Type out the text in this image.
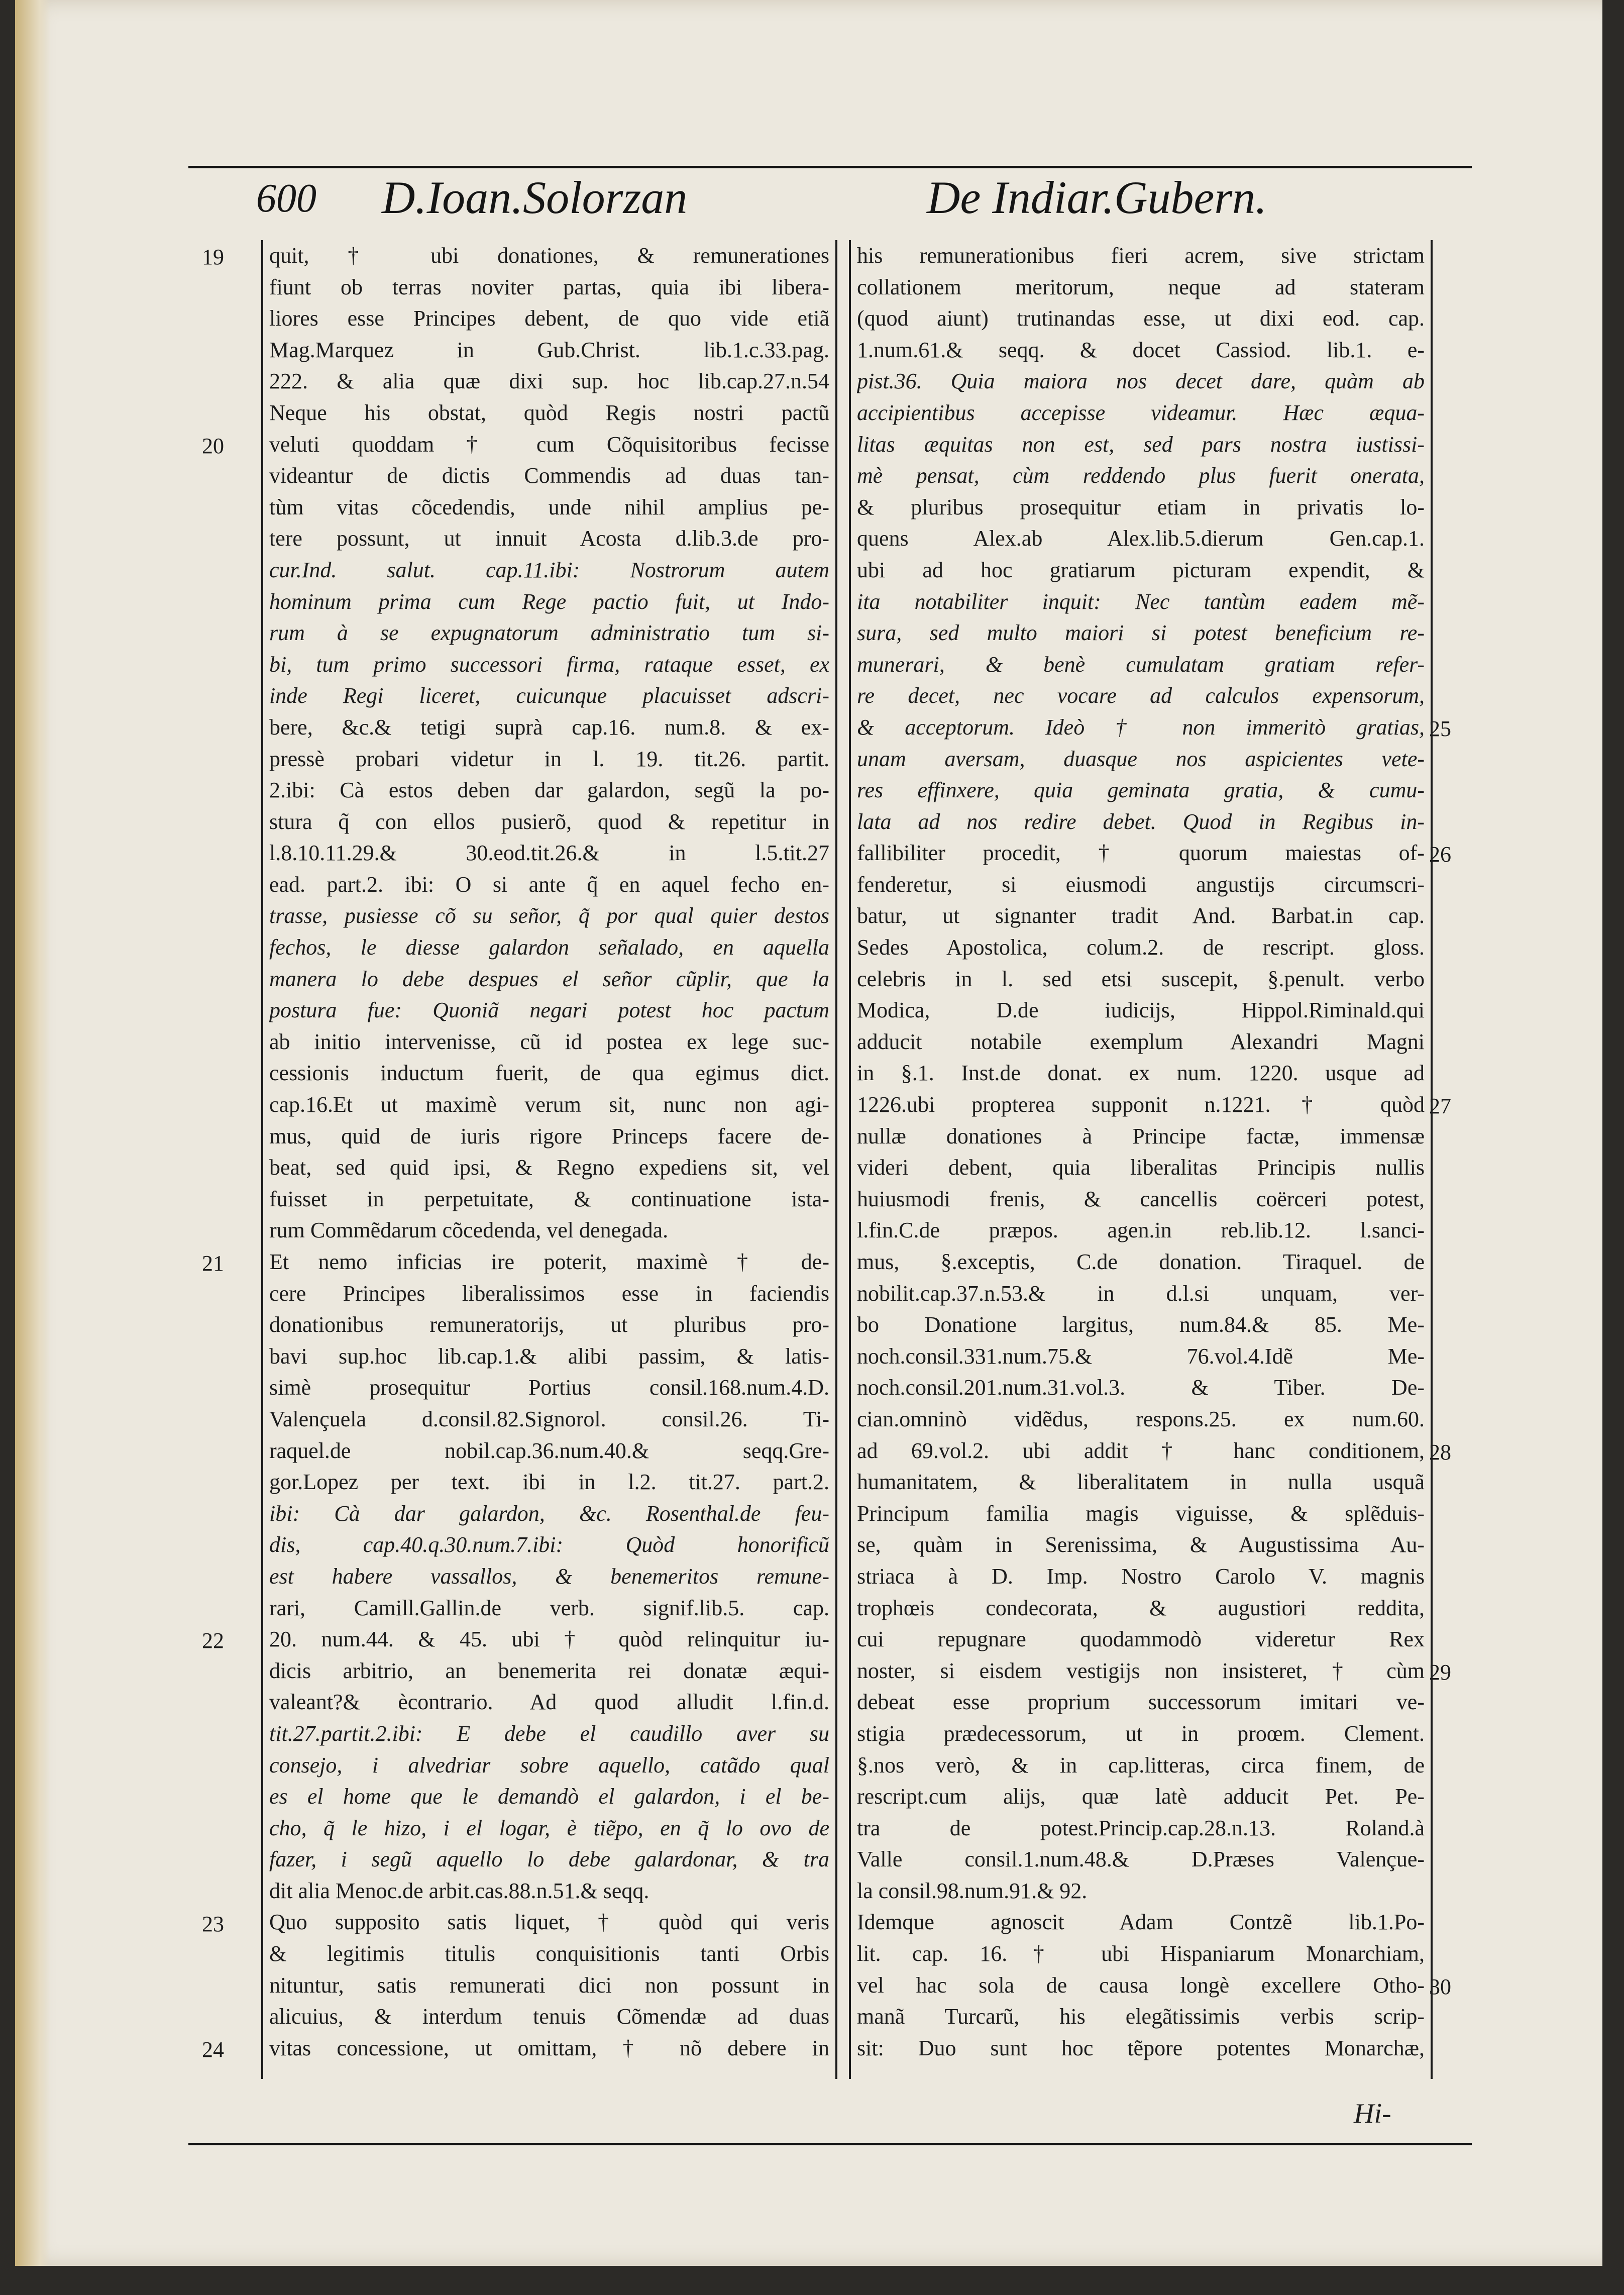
600 D.Ioan.Solorzan	De Indiar.Gubern.
quit, † ubi donationes, & remunerationes
fiunt ob terras noviter partas, quia ibi libera-
liores esse Principes debent, de quo vide etiã
Mag.Marquez in Gub.Christ. lib.1.c.33.pag.
222. & alia quæ dixi sup. hoc lib.cap.27.n.54
Neque his obstat, quòd Regis nostri pactũ
veluti quoddam † cum Cõquisitoribus fecisse
videantur de dictis Commendis ad duas tan-
tùm vitas cõcedendis, unde nihil amplius pe-
tere possunt, ut innuit Acosta d.lib.3.de pro-
cur.Ind. salut. cap.11.ibi: Nostrorum autem
hominum prima cum Rege pactio fuit, ut Indo-
rum à se expugnatorum administratio tum si-
bi, tum primo successori firma, rataque esset, ex
inde Regi liceret, cuicunque placuisset adscri-
bere, &c.& tetigi suprà cap.16. num.8. & ex-
pressè probari videtur in l. 19. tit.26. partit.
2.ibi: Cà estos deben dar galardon, segũ la po-
stura q̃ con ellos pusierõ, quod & repetitur in
l.8.10.11.29.& 30.eod.tit.26.& in l.5.tit.27
ead. part.2. ibi: O si ante q̃ en aquel fecho en-
trasse, pusiesse cõ su señor, q̃ por qual quier destos
fechos, le diesse galardon señalado, en aquella
manera lo debe despues el señor cũplir, que la
postura fue: Quoniã negari potest hoc pactum
ab initio intervenisse, cũ id postea ex lege suc-
cessionis inductum fuerit, de qua egimus dict.
cap.16.Et ut maximè verum sit, nunc non agi-
mus, quid de iuris rigore Princeps facere de-
beat, sed quid ipsi, & Regno expediens sit, vel
fuisset in perpetuitate, & continuatione ista-
rum Commẽdarum cõcedenda, vel denegada.
Et nemo inficias ire poterit, maximè † de-
cere Principes liberalissimos esse in faciendis
donationibus remuneratorijs, ut pluribus pro-
bavi sup.hoc lib.cap.1.& alibi passim, & latis-
simè prosequitur Portius consil.168.num.4.D.
Valençuela d.consil.82.Signorol. consil.26. Ti-
raquel.de nobil.cap.36.num.40.& seqq.Gre-
gor.Lopez per text. ibi in l.2. tit.27. part.2.
ibi: Cà dar galardon, &c. Rosenthal.de feu-
dis, cap.40.q.30.num.7.ibi: Quòd honorificũ
est habere vassallos, & benemeritos remune-
rari, Camill.Gallin.de verb. signif.lib.5. cap.
20. num.44. & 45. ubi † quòd relinquitur iu-
dicis arbitrio, an benemerita rei donatæ æqui-
valeant?& ècontrario. Ad quod alludit l.fin.d.
tit.27.partit.2.ibi: E debe el caudillo aver su
consejo, i alvedriar sobre aquello, catãdo qual
es el home que le demandò el galardon, i el be-
cho, q̃ le hizo, i el logar, è tiẽpo, en q̃ lo ovo de
fazer, i segũ aquello lo debe galardonar, & tra
dit alia Menoc.de arbit.cas.88.n.51.& seqq.
Quo supposito satis liquet, † quòd qui veris
& legitimis titulis conquisitionis tanti Orbis
nituntur, satis remunerati dici non possunt in
alicuius, & interdum tenuis Cõmendæ ad duas
vitas concessione, ut omittam, † nõ debere in
his remunerationibus fieri acrem, sive strictam
collationem meritorum, neque ad stateram
(quod aiunt) trutinandas esse, ut dixi eod. cap.
1.num.61.& seqq. & docet Cassiod. lib.1. e-
pist.36. Quia maiora nos decet dare, quàm ab
accipientibus accepisse videamur. Hæc æqua-
litas æquitas non est, sed pars nostra iustissi-
mè pensat, cùm reddendo plus fuerit onerata,
& pluribus prosequitur etiam in privatis lo-
quens Alex.ab Alex.lib.5.dierum Gen.cap.1.
ubi ad hoc gratiarum picturam expendit, &
ita notabiliter inquit: Nec tantùm eadem mẽ-
sura, sed multo maiori si potest beneficium re-
munerari, & benè cumulatam gratiam refer-
re decet, nec vocare ad calculos expensorum,
& acceptorum. Ideò † non immeritò gratias,
unam aversam, duasque nos aspicientes vete-
res effinxere, quia geminata gratia, & cumu-
lata ad nos redire debet. Quod in Regibus in-
fallibiliter procedit, † quorum maiestas of-
fenderetur, si eiusmodi angustijs circumscri-
batur, ut signanter tradit And. Barbat.in cap.
Sedes Apostolica, colum.2. de rescript. gloss.
celebris in l. sed etsi suscepit, §.penult. verbo
Modica, D.de iudicijs, Hippol.Riminald.qui
adducit notabile exemplum Alexandri Magni
in §.1. Inst.de donat. ex num. 1220. usque ad
1226.ubi propterea supponit n.1221.† quòd
nullæ donationes à Principe factæ, immensæ
videri debent, quia liberalitas Principis nullis
huiusmodi frenis, & cancellis coërceri potest,
l.fin.C.de præpos. agen.in reb.lib.12. l.sanci-
mus, §.exceptis, C.de donation. Tiraquel. de
nobilit.cap.37.n.53.& in d.l.si unquam, ver-
bo Donatione largitus, num.84.& 85. Me-
noch.consil.331.num.75.& 76.vol.4.Idẽ Me-
noch.consil.201.num.31.vol.3. & Tiber. De-
cian.omninò vidẽdus, respons.25. ex num.60.
ad 69.vol.2. ubi addit † hanc conditionem,
humanitatem, & liberalitatem in nulla usquã
Principum familia magis viguisse, & splẽduis-
se, quàm in Serenissima, & Augustissima Au-
striaca à D. Imp. Nostro Carolo V. magnis
trophœis condecorata, & augustiori reddita,
cui repugnare quodammodò videretur Rex
noster, si eisdem vestigijs non insisteret, † cùm
debeat esse proprium successorum imitari ve-
stigia prædecessorum, ut in proœm. Clement.
§.nos verò, & in cap.litteras, circa finem, de
rescript.cum alijs, quæ latè adducit Pet. Pe-
tra de potest.Princip.cap.28.n.13. Roland.à
Valle consil.1.num.48.& D.Præses Valençue-
la consil.98.num.91.& 92.
Idemque agnoscit Adam Contzẽ lib.1.Po-
lit. cap. 16.† ubi Hispaniarum Monarchiam,
vel hac sola de causa longè excellere Otho-
manã Turcarũ, his elegãtissimis verbis scrip-
sit: Duo sunt hoc tẽpore potentes Monarchæ,
19
20
21
22
23
24
25
26
27
28
29
30
Hi-
